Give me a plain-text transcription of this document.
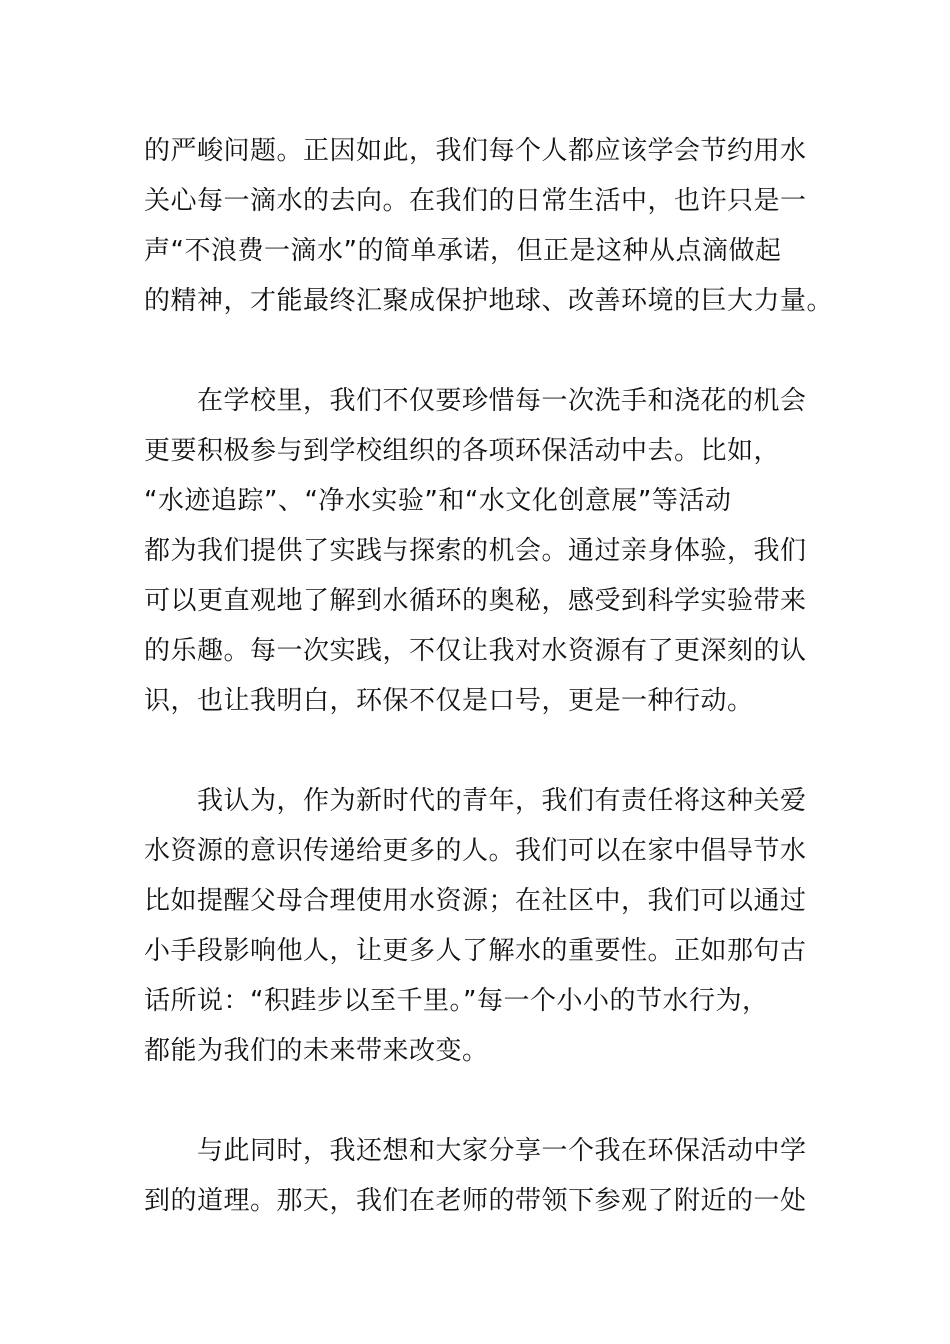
的严峻问题。正因如此，我们每个人都应该学会节约用水
关心每一滴水的去向。在我们的日常生活中，也许只是一
声“不浪费一滴水”的简单承诺，但正是这种从点滴做起
的精神，才能最终汇聚成保护地球、改善环境的巨大力量。
　　在学校里，我们不仅要珍惜每一次洗手和浇花的机会
更要积极参与到学校组织的各项环保活动中去。比如，
“水迹追踪”、“净水实验”和“水文化创意展”等活动
都为我们提供了实践与探索的机会。通过亲身体验，我们
可以更直观地了解到水循环的奥秘，感受到科学实验带来
的乐趣。每一次实践，不仅让我对水资源有了更深刻的认
识，也让我明白，环保不仅是口号，更是一种行动。
　　我认为，作为新时代的青年，我们有责任将这种关爱
水资源的意识传递给更多的人。我们可以在家中倡导节水
比如提醒父母合理使用水资源；在社区中，我们可以通过
小手段影响他人，让更多人了解水的重要性。正如那句古
话所说：“积跬步以至千里。”每一个小小的节水行为，
都能为我们的未来带来改变。
　　与此同时，我还想和大家分享一个我在环保活动中学
到的道理。那天，我们在老师的带领下参观了附近的一处
